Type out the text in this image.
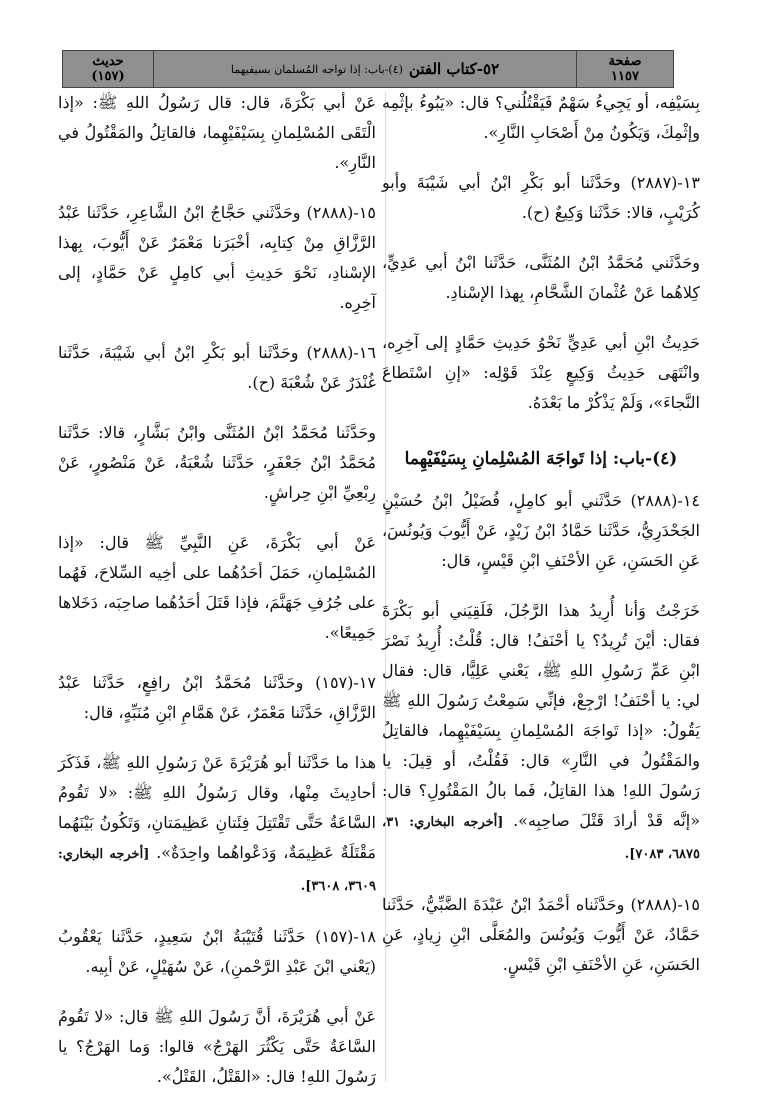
صفحة
١١٥٧
٥٢-كتاب الفتن
(٤)-باب: إذا تواجه المُسلمان بسيفيهما
حديث
(١٥٧)

بِسَيْفِه، أو يَجِيءُ سَهْمٌ فَيَقْتُلُني؟ قال: «يَبُوءُ بإثْمِه وإثْمِكَ، وَيَكُونُ مِنْ أَصْحَابِ النَّارِ».

١٣-(٢٨٨٧) وحَدَّثَنا أبو بَكْرِ ابْنُ أبي شَيْبَةَ وأبو كُرَيْبٍ، قالا: حَدَّثَنا وَكِيعٌ (ح).

وحَدَّثَني مُحَمَّدُ ابْنُ المُثَنَّى، حَدَّثَنا ابْنُ أبي عَدِيٍّ، كِلاهُما عَنْ عُثْمانَ الشَّحَّامِ، بِهذا الإسْنادِ.

حَدِيثُ ابْنِ أبي عَدِيٍّ نَحْوُ حَدِيثِ حَمَّادٍ إلى آخِرِه، وانْتَهَى حَدِيثُ وَكِيعٍ عِنْدَ قَوْلِه: «إنِ اسْتَطاعَ النَّجاءَ»، وَلَمْ يَذْكُرْ ما بَعْدَهُ.

(٤)-باب: إذا تَواجَهَ المُسْلِمانِ بِسَيْفَيْهِما

١٤-(٢٨٨٨) حَدَّثَني أبو كامِلٍ، فُضَيْلُ ابْنُ حُسَيْنٍ الجَحْدَرِيُّ، حَدَّثَنا حَمَّادُ ابْنُ زَيْدٍ، عَنْ أَيُّوبَ وَيُونُسَ، عَنِ الحَسَنِ، عَنِ الأحْنَفِ ابْنِ قَيْسٍ، قال:

خَرَجْتُ وَأنا أُرِيدُ هذا الرَّجُلَ، فَلَقِيَني أبو بَكْرَةَ فقال: أيْنَ تُرِيدُ؟ يا أحْنَفُ! قال: قُلْتُ: أُرِيدُ نَصْرَ ابْنِ عَمِّ رَسُولِ اللهِ ﷺ، يَعْني عَلِيًّا، قال: فقال لي: يا أحْنَفُ! ارْجِعْ، فإنِّي سَمِعْتُ رَسُولَ اللهِ ﷺ يَقُولُ: «إذا تَواجَهَ المُسْلِمانِ بِسَيْفَيْهِما، فالقاتِلُ والمَقْتُولُ في النَّارِ» قال: فَقُلْتُ، أو قِيلَ: يا رَسُولَ اللهِ! هذا القاتِلُ، فَما بالُ المَقْتُولِ؟ قال: «إنَّه قَدْ أرادَ قَتْلَ صاحِبِه». [أخرجه البخاري: ٣١، ٦٨٧٥، ٧٠٨٣].

١٥-(٢٨٨٨) وحَدَّثَناه أحْمَدُ ابْنُ عَبْدَةَ الضَّبِّيُّ، حَدَّثَنا حَمَّادٌ، عَنْ أَيُّوبَ وَيُونُسَ والمُعَلَّى ابْنِ زِيادٍ، عَنِ الحَسَنِ، عَنِ الأحْنَفِ ابْنِ قَيْسٍ.

عَنْ أبي بَكْرَةَ، قال: قال رَسُولُ اللهِ ﷺ: «إذا الْتَقَى المُسْلِمانِ بِسَيْفَيْهِما، فالقاتِلُ والمَقْتُولُ في النَّارِ».

١٥-(٢٨٨٨) وحَدَّثَني حَجَّاجُ ابْنُ الشَّاعِرِ، حَدَّثَنا عَبْدُ الرَّزَّاقِ مِنْ كِتابِه، أخْبَرَنا مَعْمَرٌ عَنْ أَيُّوبَ، بِهذا الإسْنادِ، نَحْوَ حَدِيثِ أبي كامِلٍ عَنْ حَمَّادٍ، إلى آخِرِه.

١٦-(٢٨٨٨) وحَدَّثَنا أبو بَكْرِ ابْنُ أبي شَيْبَةَ، حَدَّثَنا غُنْدَرٌ عَنْ شُعْبَةَ (ح).

وحَدَّثَنا مُحَمَّدُ ابْنُ المُثَنَّى وابْنُ بَشَّارٍ، قالا: حَدَّثَنا مُحَمَّدُ ابْنُ جَعْفَرٍ، حَدَّثَنا شُعْبَةُ، عَنْ مَنْصُورٍ، عَنْ رِبْعِيِّ ابْنِ حِراشٍ.

عَنْ أبي بَكْرَةَ، عَنِ النَّبِيِّ ﷺ قال: «إذا المُسْلِمانِ، حَمَلَ أحَدُهُما على أخِيه السِّلاحَ، فَهُما على جُرُفِ جَهَنَّمَ، فإذا قَتَلَ أحَدُهُما صاحِبَه، دَخَلاها جَمِيعًا».

١٧-(١٥٧) وحَدَّثَنا مُحَمَّدُ ابْنُ رافِعٍ، حَدَّثَنا عَبْدُ الرَّزَّاقِ، حَدَّثَنا مَعْمَرٌ، عَنْ هَمَّامِ ابْنِ مُنَبِّهٍ، قال:

هذا ما حَدَّثَنا أبو هُرَيْرَةَ عَنْ رَسُولِ اللهِ ﷺ، فَذَكَرَ أحادِيثَ مِنْها، وقال رَسُولُ اللهِ ﷺ: «لا تَقُومُ السَّاعَةُ حَتَّى تَقْتَتِلَ فِئَتانِ عَظِيمَتانِ، وَتَكُونُ بَيْنَهُما مَقْتَلَةٌ عَظِيمَةٌ، وَدَعْواهُما واحِدَةٌ». [أخرجه البخاري: ٣٦٠٩، ٣٦٠٨].

١٨-(١٥٧) حَدَّثَنا قُتَيْبَةُ ابْنُ سَعِيدٍ، حَدَّثَنا يَعْقُوبُ (يَعْني ابْنَ عَبْدِ الرَّحْمنِ)، عَنْ سُهَيْلٍ، عَنْ أبِيه.

عَنْ أبي هُرَيْرَةَ، أنَّ رَسُولَ اللهِ ﷺ قال: «لا تَقُومُ السَّاعَةُ حَتَّى يَكْثُرَ الهَرْجُ» قالوا: وَما الهَرْجُ؟ يا رَسُولَ اللهِ! قال: «القَتْلُ، القَتْلُ».
